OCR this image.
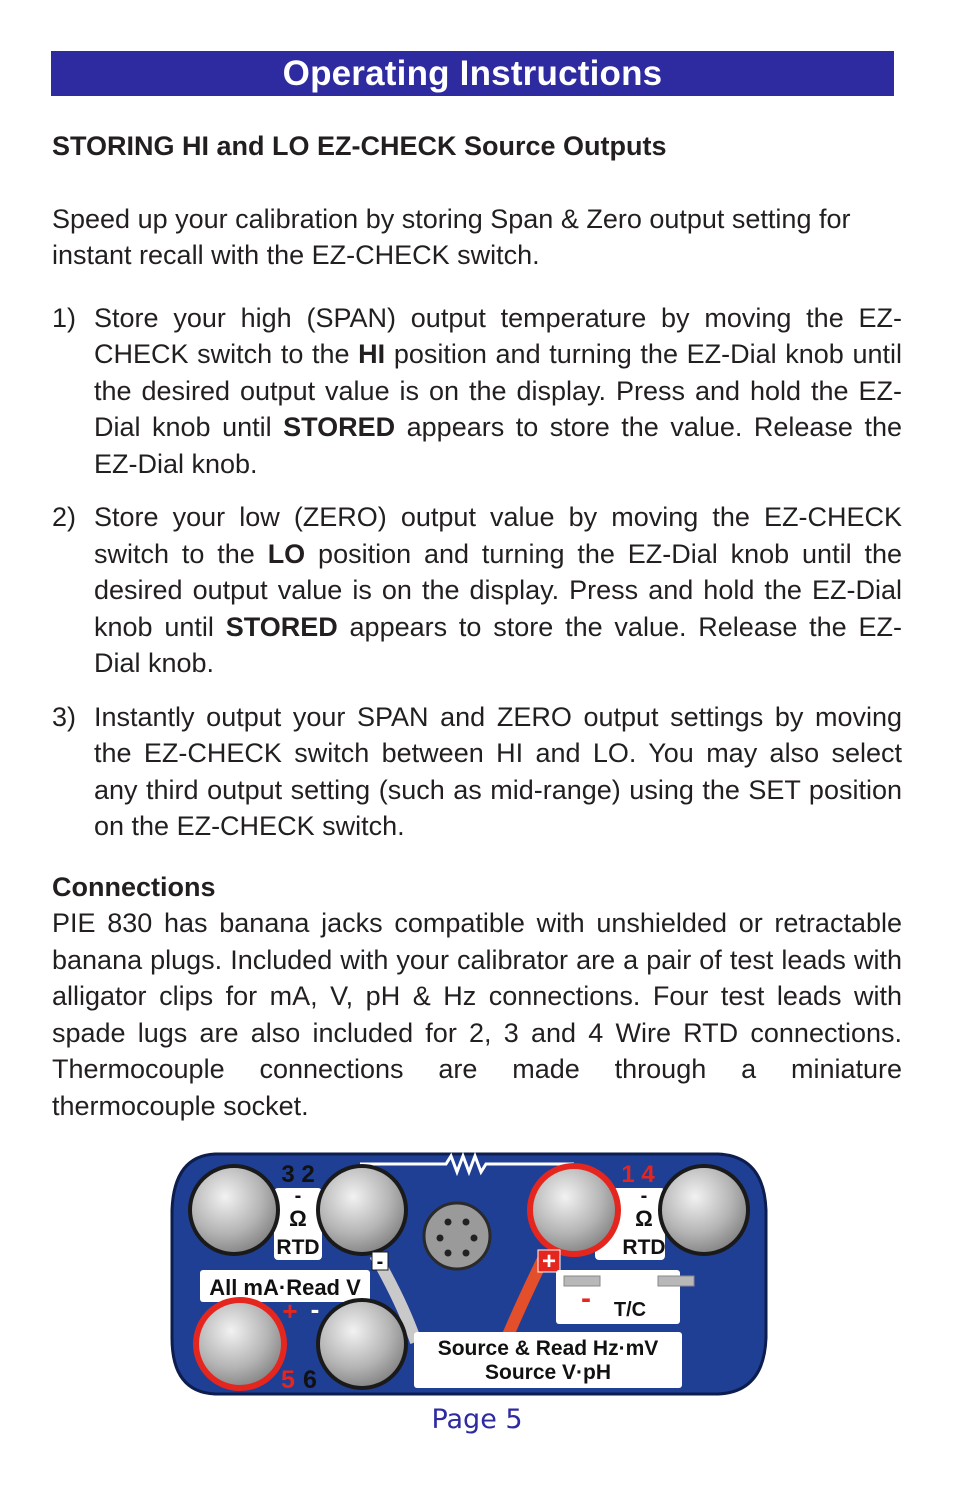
Operating Instructions

STORING HI and LO EZ-CHECK Source Outputs

Speed up your calibration by storing Span & Zero output setting for instant recall with the EZ-CHECK switch.

1) Store your high (SPAN) output temperature by moving the EZ-CHECK switch to the HI position and turning the EZ-Dial knob until the desired output value is on the display. Press and hold the EZ-Dial knob until STORED appears to store the value. Release the EZ-Dial knob.
2) Store your low (ZERO) output value by moving the EZ-CHECK switch to the LO position and turning the EZ-Dial knob until the desired output value is on the display. Press and hold the EZ-Dial knob until STORED appears to store the value. Release the EZ-Dial knob.
3) Instantly output your SPAN and ZERO output settings by moving the EZ-CHECK switch between HI and LO. You may also select any third output setting (such as mid-range) using the SET position on the EZ-CHECK switch.

Connections

PIE 830 has banana jacks compatible with unshielded or retractable banana plugs. Included with your calibrator are a pair of test leads with alligator clips for mA, V, pH & Hz connections. Four test leads with spade lugs are also included for 2, 3 and 4 Wire RTD connections. Thermocouple connections are made through a miniature thermocouple socket.

3 2	1 4
-	-
Ω	Ω
RTD	RTD
-	+
All mA·Read V
+ -
5 6
- T/C
Source & Read Hz·mV
Source V·pH
Page 5
